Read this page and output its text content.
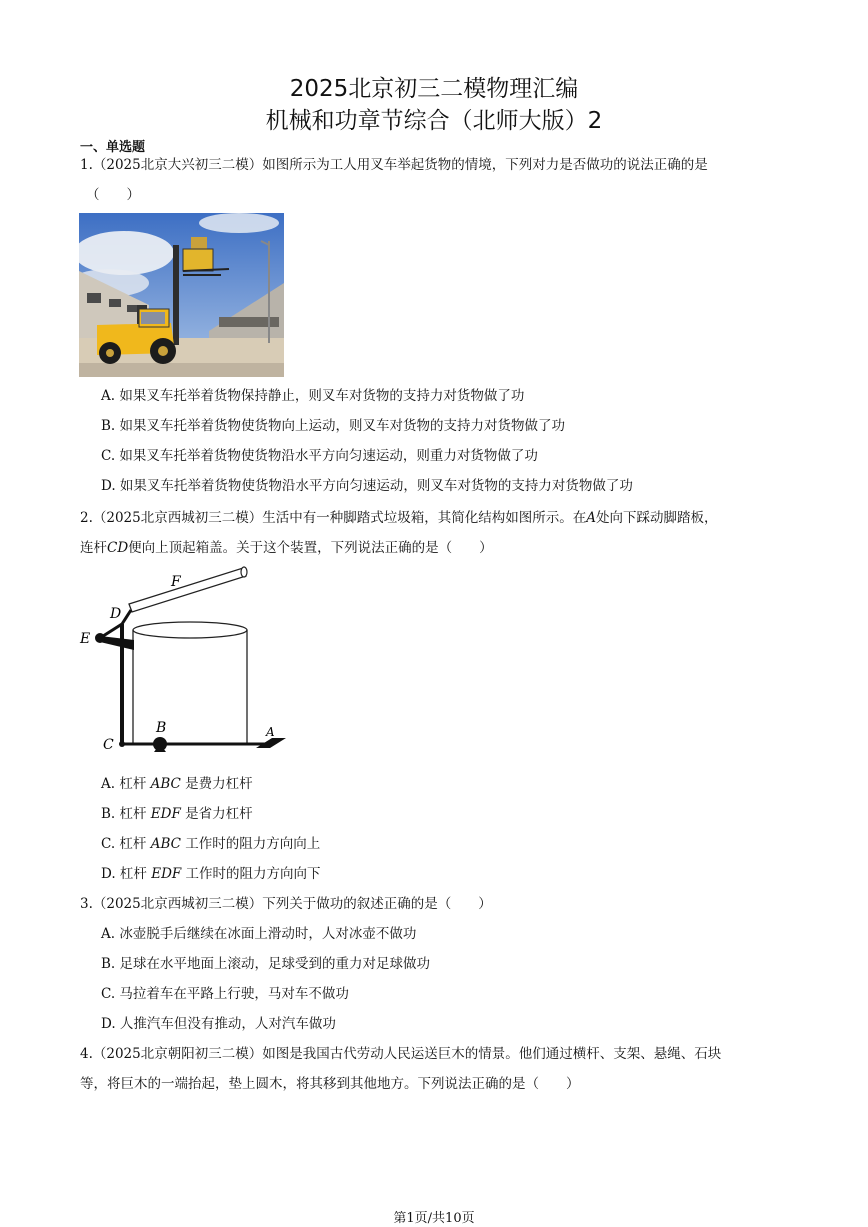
2025北京初三二模物理汇编
机械和功章节综合（北师大版）2
一、单选题
1.（2025北京大兴初三二模）如图所示为工人用叉车举起货物的情境，下列对力是否做功的说法正确的是
（　　）
A. 如果叉车托举着货物保持静止，则叉车对货物的支持力对货物做了功
B. 如果叉车托举着货物使货物向上运动，则叉车对货物的支持力对货物做了功
C. 如果叉车托举着货物使货物沿水平方向匀速运动，则重力对货物做了功
D. 如果叉车托举着货物使货物沿水平方向匀速运动，则叉车对货物的支持力对货物做了功
2.（2025北京西城初三二模）生活中有一种脚踏式垃圾箱，其简化结构如图所示。在A处向下踩动脚踏板，
连杆CD便向上顶起箱盖。关于这个装置，下列说法正确的是（　　）
F
D
E
B
C
A
A. 杠杆 ABC 是费力杠杆
B. 杠杆 EDF 是省力杠杆
C. 杠杆 ABC 工作时的阻力方向向上
D. 杠杆 EDF 工作时的阻力方向向下
3.（2025北京西城初三二模）下列关于做功的叙述正确的是（　　）
A. 冰壶脱手后继续在冰面上滑动时，人对冰壶不做功
B. 足球在水平地面上滚动，足球受到的重力对足球做功
C. 马拉着车在平路上行驶，马对车不做功
D. 人推汽车但没有推动，人对汽车做功
4.（2025北京朝阳初三二模）如图是我国古代劳动人民运送巨木的情景。他们通过横杆、支架、悬绳、石块
等，将巨木的一端抬起，垫上圆木，将其移到其他地方。下列说法正确的是（　　）
第1页/共10页
